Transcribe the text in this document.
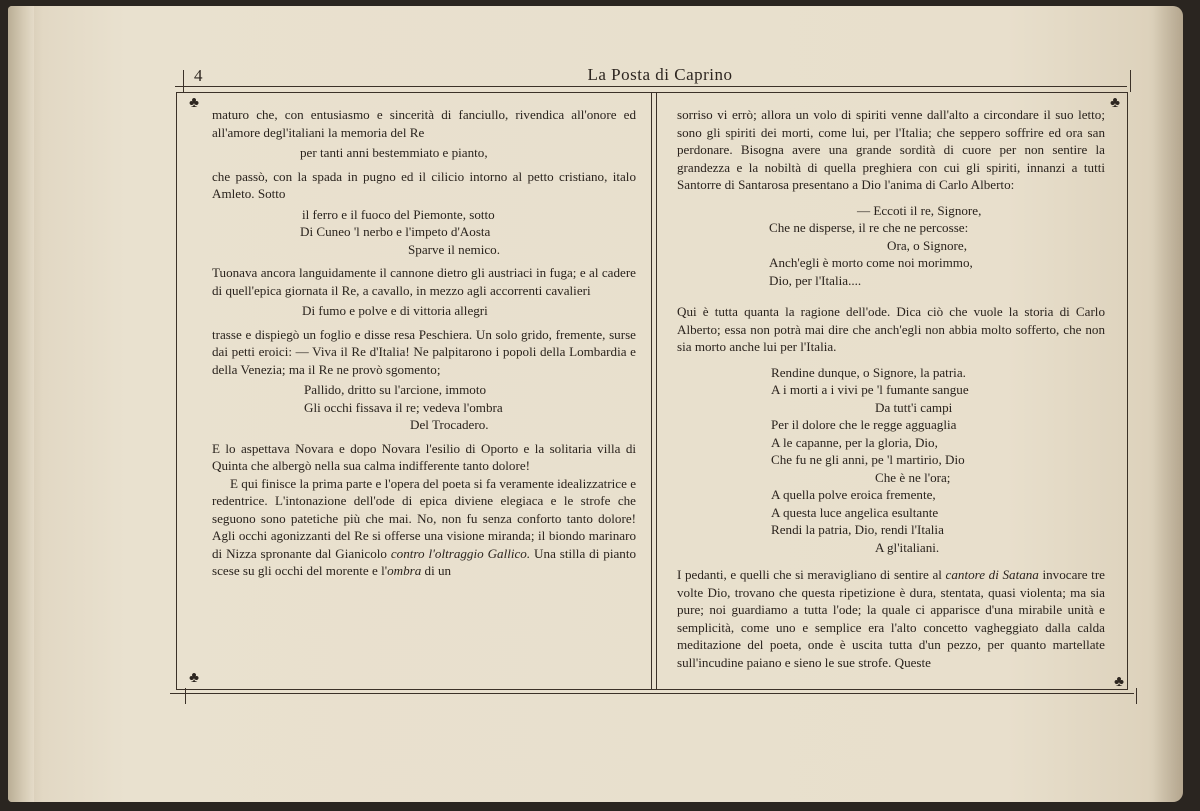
4	La Posta di Caprino
♣	♣
♣	♣

maturo che, con entusiasmo e sincerità di fanciullo, rivendica all'onore ed all'amore degl'italiani la memoria del Re

per tanti anni bestemmiato e pianto,

che passò, con la spada in pugno ed il cilicio intorno al petto cristiano, italo Amleto. Sotto

il ferro e il fuoco del Piemonte, sotto
Di Cuneo 'l nerbo e l'impeto d'Aosta
Sparve il nemico.

Tuonava ancora languidamente il cannone dietro gli austriaci in fuga; e al cadere di quell'epica giornata il Re, a cavallo, in mezzo agli accorrenti cavalieri

Di fumo e polve e di vittoria allegri

trasse e dispiegò un foglio e disse resa Peschiera. Un solo grido, fremente, surse dai petti eroici: — Viva il Re d'Italia! Ne palpitarono i popoli della Lombardia e della Venezia; ma il Re ne provò sgomento;

Pallido, dritto su l'arcione, immoto
Gli occhi fissava il re; vedeva l'ombra
Del Trocadero.

E lo aspettava Novara e dopo Novara l'esilio di Oporto e la solitaria villa di Quinta che albergò nella sua calma indifferente tanto dolore!

E qui finisce la prima parte e l'opera del poeta si fa veramente idealizzatrice e redentrice. L'intonazione dell'ode di epica diviene elegiaca e le strofe che seguono sono patetiche più che mai. No, non fu senza conforto tanto dolore! Agli occhi agonizzanti del Re si offerse una visione miranda; il biondo marinaro di Nizza spronante dal Gianicolo contro l'oltraggio Gallico. Una stilla di pianto scese su gli occhi del morente e l'ombra di un

sorriso vi errò; allora un volo di spiriti venne dall'alto a circondare il suo letto; sono gli spiriti dei morti, come lui, per l'Italia; che seppero soffrire ed ora san perdonare. Bisogna avere una grande sordità di cuore per non sentire la grandezza e la nobiltà di quella preghiera con cui gli spiriti, innanzi a tutti Santorre di Santarosa presentano a Dio l'anima di Carlo Alberto:

— Eccoti il re, Signore,
Che ne disperse, il re che ne percosse:
Ora, o Signore,
Anch'egli è morto come noi morimmo,
Dio, per l'Italia....

Qui è tutta quanta la ragione dell'ode. Dica ciò che vuole la storia di Carlo Alberto; essa non potrà mai dire che anch'egli non abbia molto sofferto, che non sia morto anche lui per l'Italia.

Rendine dunque, o Signore, la patria.
A i morti a i vivi pe 'l fumante sangue
Da tutt'i campi
Per il dolore che le regge agguaglia
A le capanne, per la gloria, Dio,
Che fu ne gli anni, pe 'l martirio, Dio
Che è ne l'ora;
A quella polve eroica fremente,
A questa luce angelica esultante
Rendi la patria, Dio, rendi l'Italia
A gl'italiani.

I pedanti, e quelli che si meravigliano di sentire al cantore di Satana invocare tre volte Dio, trovano che questa ripetizione è dura, stentata, quasi violenta; ma sia pure; noi guardiamo a tutta l'ode; la quale ci apparisce d'una mirabile unità e semplicità, come uno e semplice era l'alto concetto vagheggiato dalla calda meditazione del poeta, onde è uscita tutta d'un pezzo, per quanto martellate sull'incudine paiano e sieno le sue strofe. Queste
